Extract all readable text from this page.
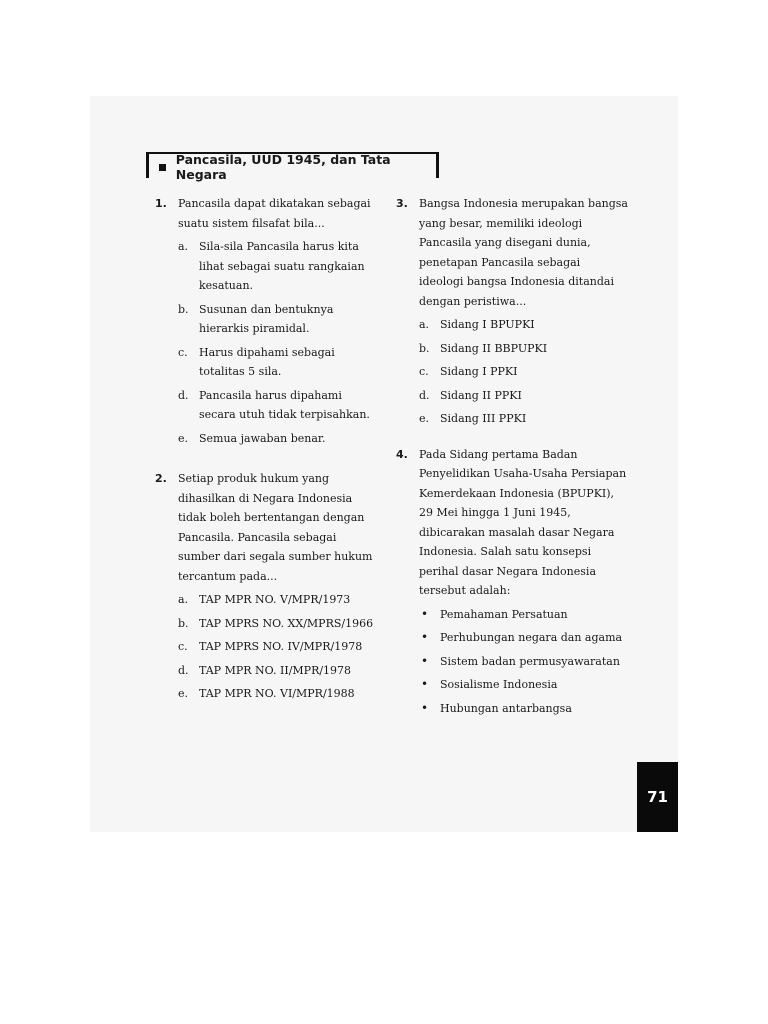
Pancasila, UUD 1945, dan Tata Negara
1. Pancasila dapat dikatakan sebagai suatu sistem filsafat bila...

a. Sila-sila Pancasila harus kita lihat sebagai suatu rangkaian kesatuan.
b. Susunan dan bentuknya hierarkis piramidal.
c. Harus dipahami sebagai totalitas 5 sila.
d. Pancasila harus dipahami secara utuh tidak terpisahkan.
e. Semua jawaban benar.
2. Setiap produk hukum yang dihasilkan di Negara Indonesia tidak boleh bertentangan dengan Pancasila. Pancasila sebagai sumber dari segala sumber hukum tercantum pada...

a. TAP MPR NO. V/MPR/1973
b. TAP MPRS NO. XX/MPRS/1966
c. TAP MPRS NO. IV/MPR/1978
d. TAP MPR NO. II/MPR/1978
e. TAP MPR NO. VI/MPR/1988
3. Bangsa Indonesia merupakan bangsa yang besar, memiliki ideologi Pancasila yang disegani dunia, penetapan Pancasila sebagai ideologi bangsa Indonesia ditandai dengan peristiwa...

a. Sidang I BPUPKI
b. Sidang II BBPUPKI
c. Sidang I PPKI
d. Sidang II PPKI
e. Sidang III PPKI
4. Pada Sidang pertama Badan Penyelidikan Usaha-Usaha Persiapan Kemerdekaan Indonesia (BPUPKI), 29 Mei hingga 1 Juni 1945, dibicarakan masalah dasar Negara Indonesia. Salah satu konsepsi perihal dasar Negara Indonesia tersebut adalah:

• Pemahaman Persatuan
• Perhubungan negara dan agama
• Sistem badan permusyawaratan
• Sosialisme Indonesia
• Hubungan antarbangsa
71
